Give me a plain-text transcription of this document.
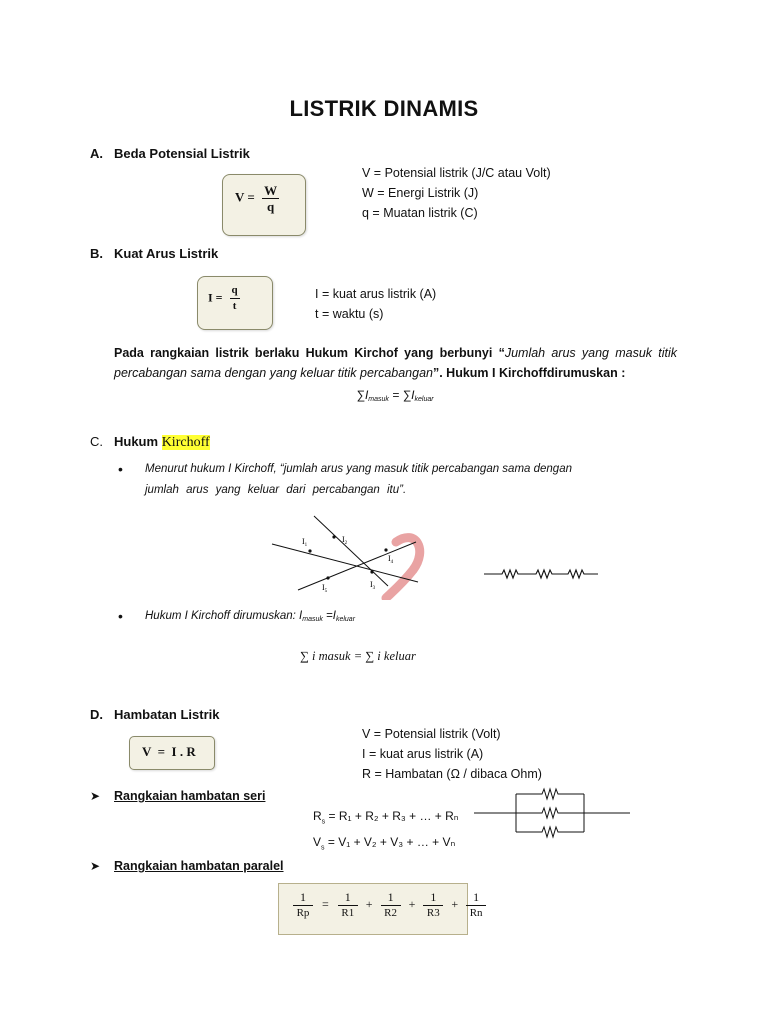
LISTRIK DINAMIS
A. Beda Potensial Listrik
$V = \frac{W}{q}$
V = Potensial listrik (J/C atau Volt)
W = Energi Listrik (J)
q = Muatan listrik (C)
B. Kuat Arus Listrik
$I = \frac{q}{t}$	I = kuat arus listrik (A)
t = waktu (s)
Pada rangkaian listrik berlaku Hukum Kirchof yang berbunyi “Jumlah arus yang masuk titik percabangan sama dengan yang keluar titik percabangan”. Hukum I Kirchoffdirumuskan :
$\sum I_{masuk} = \sum I_{keluar}$
C. Hukum Kirchoff
• Menurut hukum I Kirchoff, “jumlah arus yang masuk titik percabangan sama dengan
jumlah arus yang keluar dari percabangan itu”.
$I_1$
$I_2$
$I_3$
$I_4$
$I_5$
• Hukum I Kirchoff dirumuskan: $I_{masuk} =I_{keluar}$
∑ i masuk = ∑ i keluar
D. Hambatan Listrik
V  =  I . R
V = Potensial listrik (Volt)
I = kuat arus listrik (A)
R = Hambatan (Ω / dibaca Ohm)
➤ Rangkaian hambatan seri
$R_s = R_1 + R_2 + R_3$ + … + Rₙ
$V_s = V_1 + V_2 + V_3$ + … + Vₙ
➤ Rangkaian hambatan paralel
$\frac{1}{Rp} = \frac{1}{R1} + \frac{1}{R2} + \frac{1}{R3} + \frac{1}{Rn}$
